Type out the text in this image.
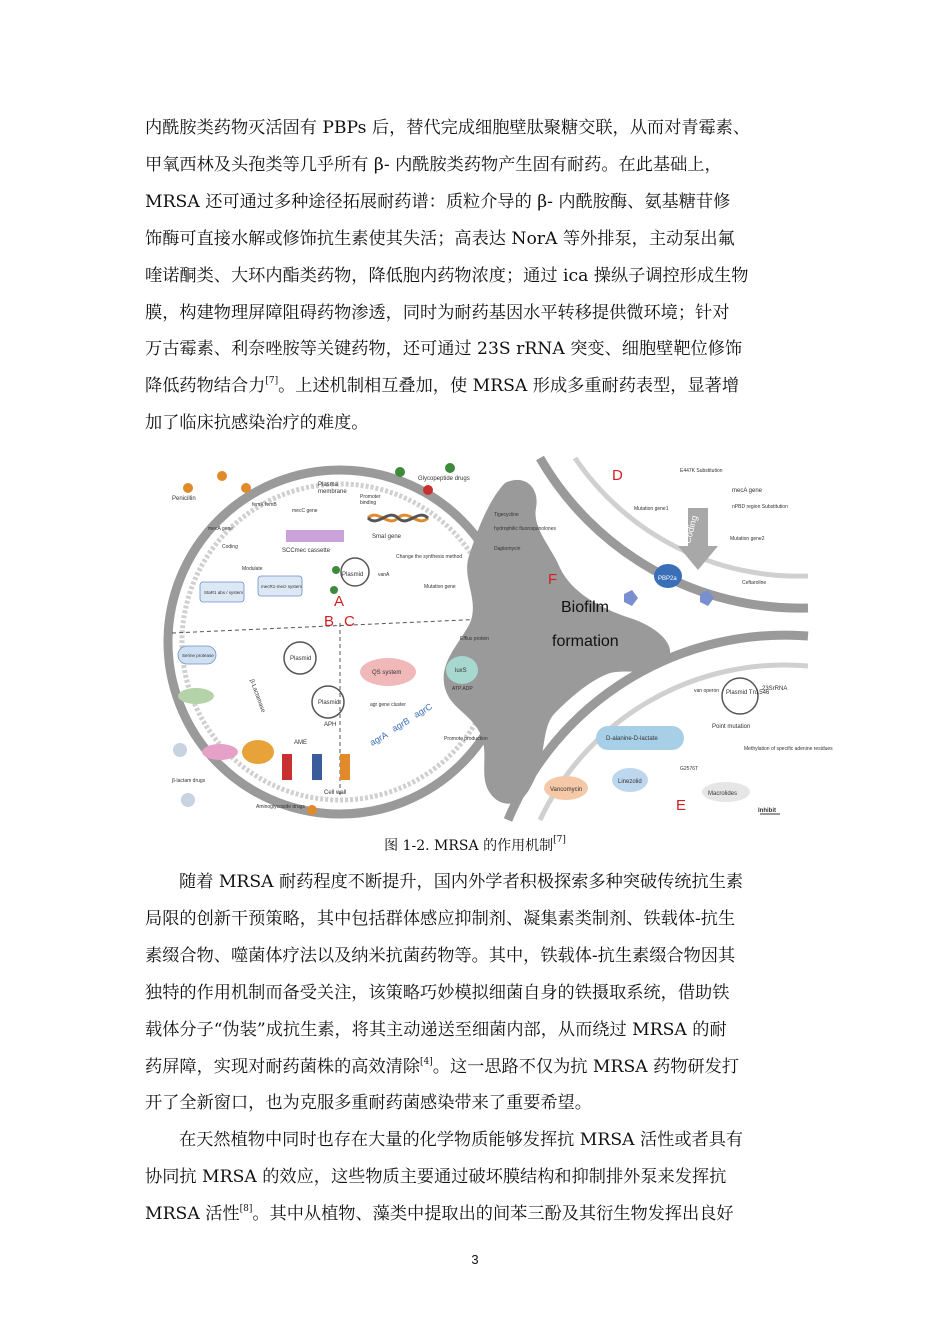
内酰胺类药物灭活固有 PBPs 后，替代完成细胞壁肽聚糖交联，从而对青霉素、
甲氧西林及头孢类等几乎所有 β- 内酰胺类药物产生固有耐药。在此基础上，
MRSA 还可通过多种途径拓展耐药谱：质粒介导的 β- 内酰胺酶、氨基糖苷修
饰酶可直接水解或修饰抗生素使其失活；高表达 NorA 等外排泵，主动泵出氟
喹诺酮类、大环内酯类药物，降低胞内药物浓度；通过 ica 操纵子调控形成生物
膜，构建物理屏障阻碍药物渗透，同时为耐药基因水平转移提供微环境；针对
万古霉素、利奈唑胺等关键药物，还可通过 23S rRNA 突变、细胞壁靶位修饰
降低药物结合力[7]。上述机制相互叠加，使 MRSA 形成多重耐药表型，显著增
加了临床抗感染治疗的难度。
A
B C
D
E
F
Biofilm
formation
Penicillin
Plasma
membrane
Glycopeptide drugs
Promoter
binding
mecC gene
femX femB
mecA gene
SCCmec cassette
SmaI gene
Plasmid	vanA
Change the synthesis method
Coding
Modulate
StaR1 abs / system
mecR1-mecI system
Tigecycline
hydrophilic fluoroquinolones
Daptomycin
Mutation gene
Plasmid
Plasmid
APH
Serine protease
β-Lactamase
AME
β-lactam drugs
Cell wall
Aminoglycoside drugs
QS system	luxS
Efflux protein
ATP ADP
agr gene cluster
agrA
agrB
agrC
Promote production
E447K Substitution
Mutation gene1
mecA gene
nPBD region Substitution
Mutation gene2
Coding
PBP2a
Ceftaroline
Plasmid Tn1546
van operon
D-alanine-D-lactate
Point mutation
G2576T
23SrRNA
Methylation of specific adenine residues
Vancomycin
Linezolid
Macrolides
Inhibit
图 1-2. MRSA 的作用机制[7]
随着 MRSA 耐药程度不断提升，国内外学者积极探索多种突破传统抗生素
局限的创新干预策略，其中包括群体感应抑制剂、凝集素类制剂、铁载体-抗生
素缀合物、噬菌体疗法以及纳米抗菌药物等。其中，铁载体-抗生素缀合物因其
独特的作用机制而备受关注，该策略巧妙模拟细菌自身的铁摄取系统，借助铁
载体分子“伪装”成抗生素，将其主动递送至细菌内部，从而绕过 MRSA 的耐
药屏障，实现对耐药菌株的高效清除[4]。这一思路不仅为抗 MRSA 药物研发打
开了全新窗口，也为克服多重耐药菌感染带来了重要希望。
在天然植物中同时也存在大量的化学物质能够发挥抗 MRSA 活性或者具有
协同抗 MRSA 的效应，这些物质主要通过破坏膜结构和抑制排外泵来发挥抗
MRSA 活性[8]。其中从植物、藻类中提取出的间苯三酚及其衍生物发挥出良好
3
